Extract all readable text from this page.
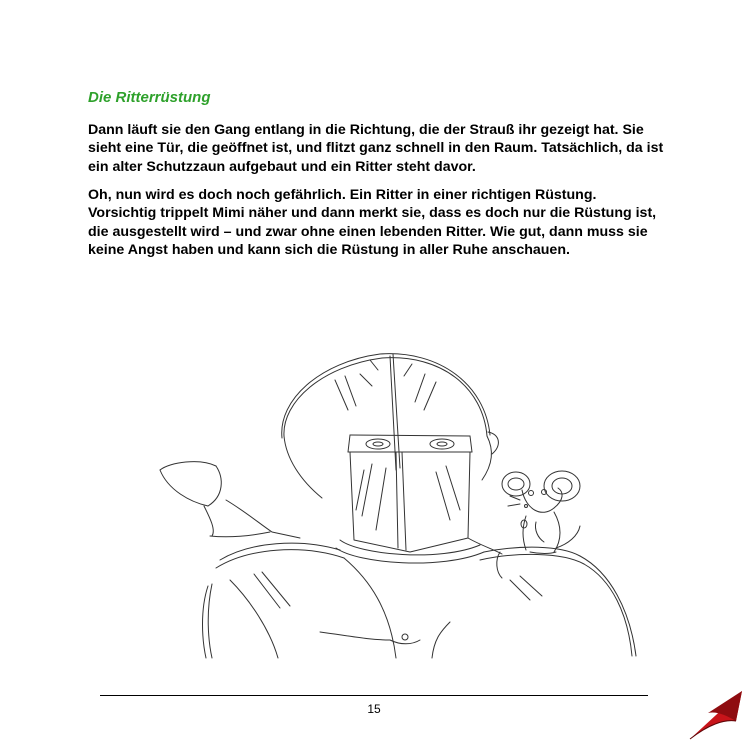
Die Ritterrüstung

Dann läuft sie den Gang entlang in die Richtung, die der Strauß ihr gezeigt hat. Sie sieht eine Tür, die geöffnet ist, und flitzt ganz schnell in den Raum. Tatsächlich, da ist ein alter Schutzzaun aufgebaut und ein Ritter steht davor.

Oh, nun wird es doch noch gefährlich. Ein Ritter in einer richtigen Rüstung. Vorsichtig trippelt Mimi näher und dann merkt sie, dass es doch nur die Rüstung ist, die ausgestellt wird – und zwar ohne einen lebenden Ritter. Wie gut, dann muss sie keine Angst haben und kann sich die Rüstung in aller Ruhe anschauen.

15
